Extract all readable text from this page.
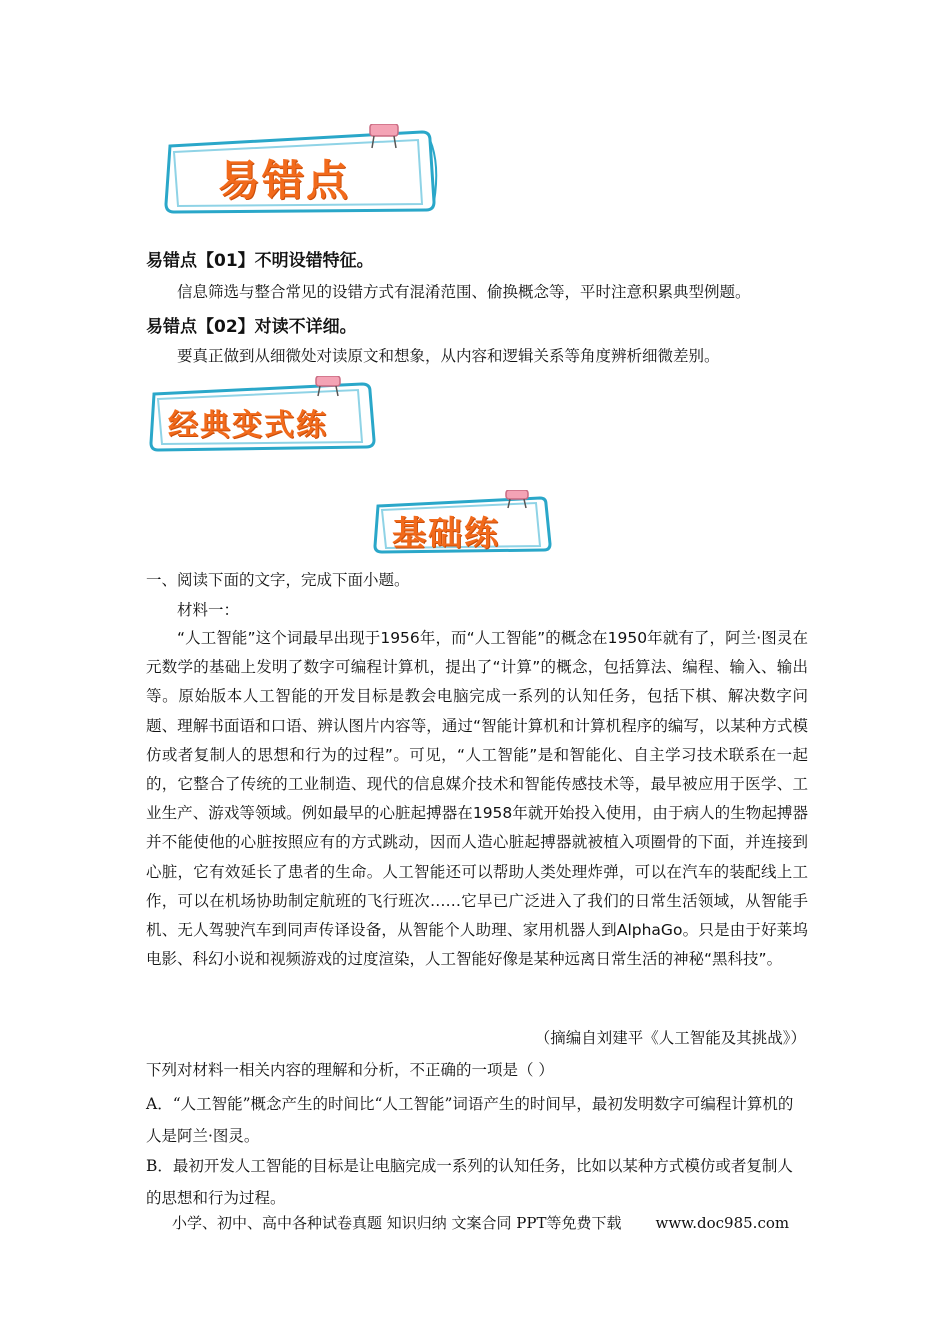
易错点
易错点【01】不明设错特征。
信息筛选与整合常见的设错方式有混淆范围、偷换概念等，平时注意积累典型例题。
易错点【02】对读不详细。
要真正做到从细微处对读原文和想象，从内容和逻辑关系等角度辨析细微差别。
经典变式练
基础练
一、阅读下面的文字，完成下面小题。
材料一：
“人工智能”这个词最早出现于1956年，而“人工智能”的概念在1950年就有了，阿兰·图灵在元数学的基础上发明了数字可编程计算机，提出了“计算”的概念，包括算法、编程、输入、输出等。原始版本人工智能的开发目标是教会电脑完成一系列的认知任务，包括下棋、解决数字问题、理解书面语和口语、辨认图片内容等，通过“智能计算机和计算机程序的编写，以某种方式模仿或者复制人的思想和行为的过程”。可见，“人工智能”是和智能化、自主学习技术联系在一起的，它整合了传统的工业制造、现代的信息媒介技术和智能传感技术等，最早被应用于医学、工业生产、游戏等领域。例如最早的心脏起搏器在1958年就开始投入使用，由于病人的生物起搏器并不能使他的心脏按照应有的方式跳动，因而人造心脏起搏器就被植入项圈骨的下面，并连接到心脏，它有效延长了患者的生命。人工智能还可以帮助人类处理炸弹，可以在汽车的装配线上工作，可以在机场协助制定航班的飞行班次……它早已广泛进入了我们的日常生活领域，从智能手机、无人驾驶汽车到同声传译设备，从智能个人助理、家用机器人到AlphaGo。只是由于好莱坞电影、科幻小说和视频游戏的过度渲染，人工智能好像是某种远离日常生活的神秘“黑科技”。
（摘编自刘建平《人工智能及其挑战》）
下列对材料一相关内容的理解和分析，不正确的一项是（ ）
A．“人工智能”概念产生的时间比“人工智能”词语产生的时间早，最初发明数字可编程计算机的人是阿兰·图灵。
B．最初开发人工智能的目标是让电脑完成一系列的认知任务，比如以某种方式模仿或者复制人的思想和行为过程。
小学、初中、高中各种试卷真题 知识归纳 文案合同 PPT等免费下载 www.doc985.com
